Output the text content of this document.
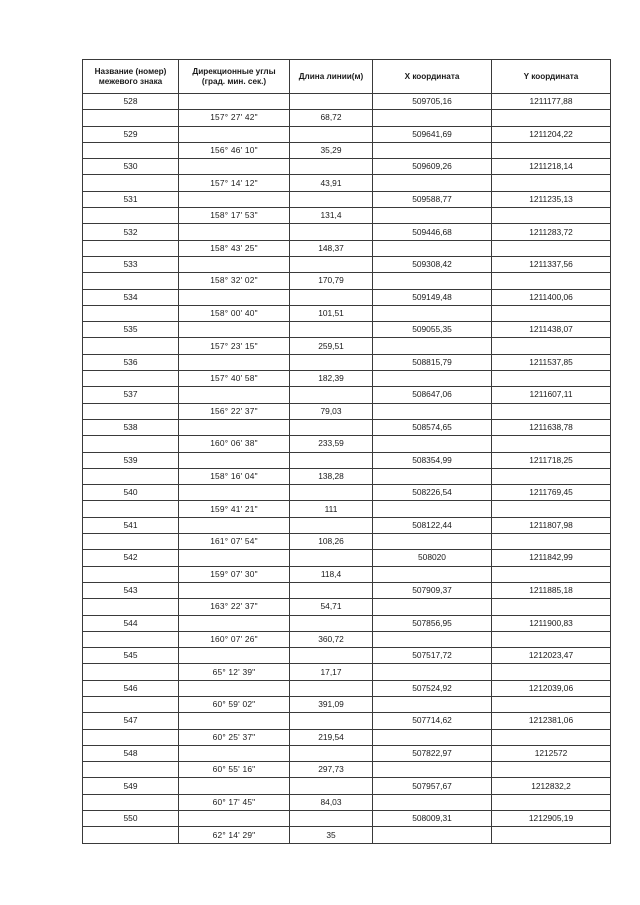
Название (номер) межевого знака	Дирекционные углы (град. мин. сек.)	Длина линии(м)	X координата	Y координата
528			509705,16	1211177,88
	157° 27' 42"	68,72		
529			509641,69	1211204,22
	156° 46' 10"	35,29		
530			509609,26	1211218,14
	157° 14' 12"	43,91		
531			509588,77	1211235,13
	158° 17' 53"	131,4		
532			509446,68	1211283,72
	158° 43' 25"	148,37		
533			509308,42	1211337,56
	158° 32' 02"	170,79		
534			509149,48	1211400,06
	158° 00' 40"	101,51		
535			509055,35	1211438,07
	157° 23' 15"	259,51		
536			508815,79	1211537,85
	157° 40' 58"	182,39		
537			508647,06	1211607,11
	156° 22' 37"	79,03		
538			508574,65	1211638,78
	160° 06' 38"	233,59		
539			508354,99	1211718,25
	158° 16' 04"	138,28		
540			508226,54	1211769,45
	159° 41' 21"	111		
541			508122,44	1211807,98
	161° 07' 54"	108,26		
542			508020	1211842,99
	159° 07' 30"	118,4		
543			507909,37	1211885,18
	163° 22' 37"	54,71		
544			507856,95	1211900,83
	160° 07' 26"	360,72		
545			507517,72	1212023,47
	65° 12' 39"	17,17		
546			507524,92	1212039,06
	60° 59' 02"	391,09		
547			507714,62	1212381,06
	60° 25' 37"	219,54		
548			507822,97	1212572
	60° 55' 16"	297,73		
549			507957,67	1212832,2
	60° 17' 45"	84,03		
550			508009,31	1212905,19
	62° 14' 29"	35		
